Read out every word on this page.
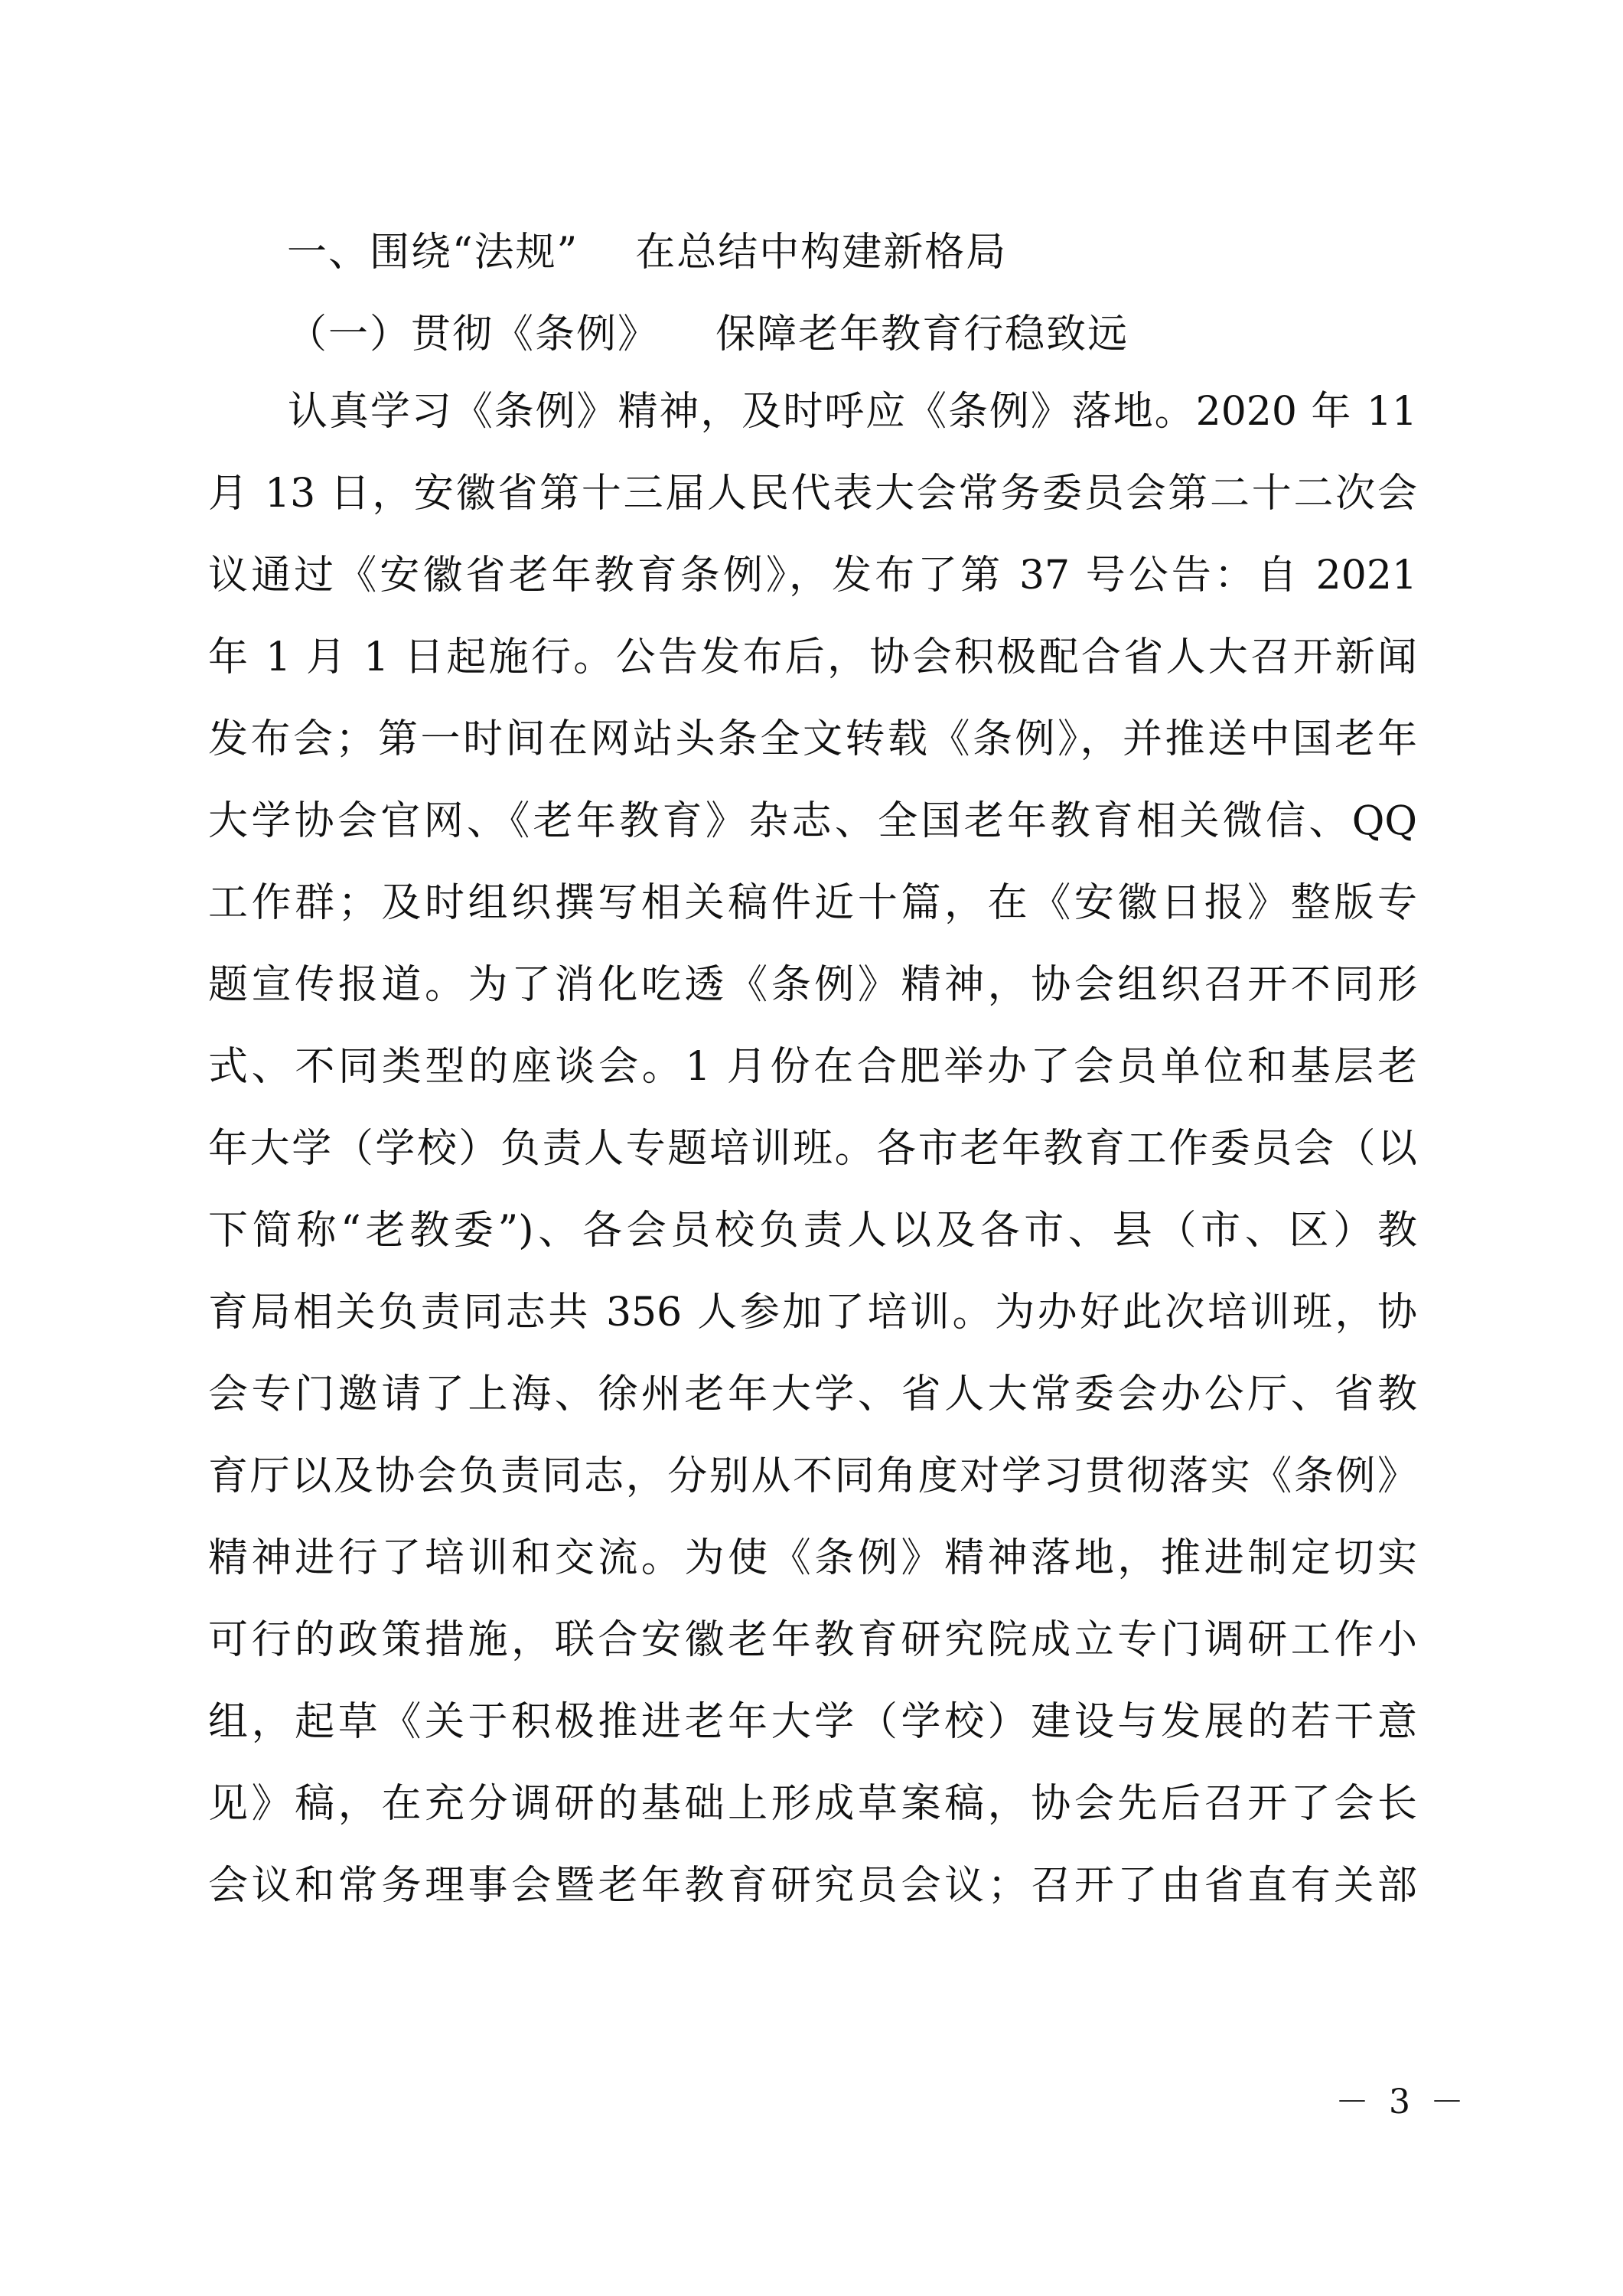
一、围绕“法规”    在总结中构建新格局
（一）贯彻《条例》    保障老年教育行稳致远
认真学习《条例》精神，及时呼应《条例》落地。2020 年 11
月 13 日，安徽省第十三届人民代表大会常务委员会第二十二次会
议通过《安徽省老年教育条例》，发布了第 37 号公告：自 2021
年 1 月 1 日起施行。公告发布后，协会积极配合省人大召开新闻
发布会；第一时间在网站头条全文转载《条例》，并推送中国老年
大学协会官网、《老年教育》杂志、全国老年教育相关微信、QQ
工作群；及时组织撰写相关稿件近十篇，在《安徽日报》整版专
题宣传报道。为了消化吃透《条例》精神，协会组织召开不同形
式、不同类型的座谈会。1 月份在合肥举办了会员单位和基层老
年大学（学校）负责人专题培训班。各市老年教育工作委员会（以
下简称“老教委”)、各会员校负责人以及各市、县（市、区）教
育局相关负责同志共 356 人参加了培训。为办好此次培训班，协
会专门邀请了上海、徐州老年大学、省人大常委会办公厅、省教
育厅以及协会负责同志，分别从不同角度对学习贯彻落实《条例》
精神进行了培训和交流。为使《条例》精神落地，推进制定切实
可行的政策措施，联合安徽老年教育研究院成立专门调研工作小
组，起草《关于积极推进老年大学（学校）建设与发展的若干意
见》稿，在充分调研的基础上形成草案稿，协会先后召开了会长
会议和常务理事会暨老年教育研究员会议；召开了由省直有关部
－ 3 －
